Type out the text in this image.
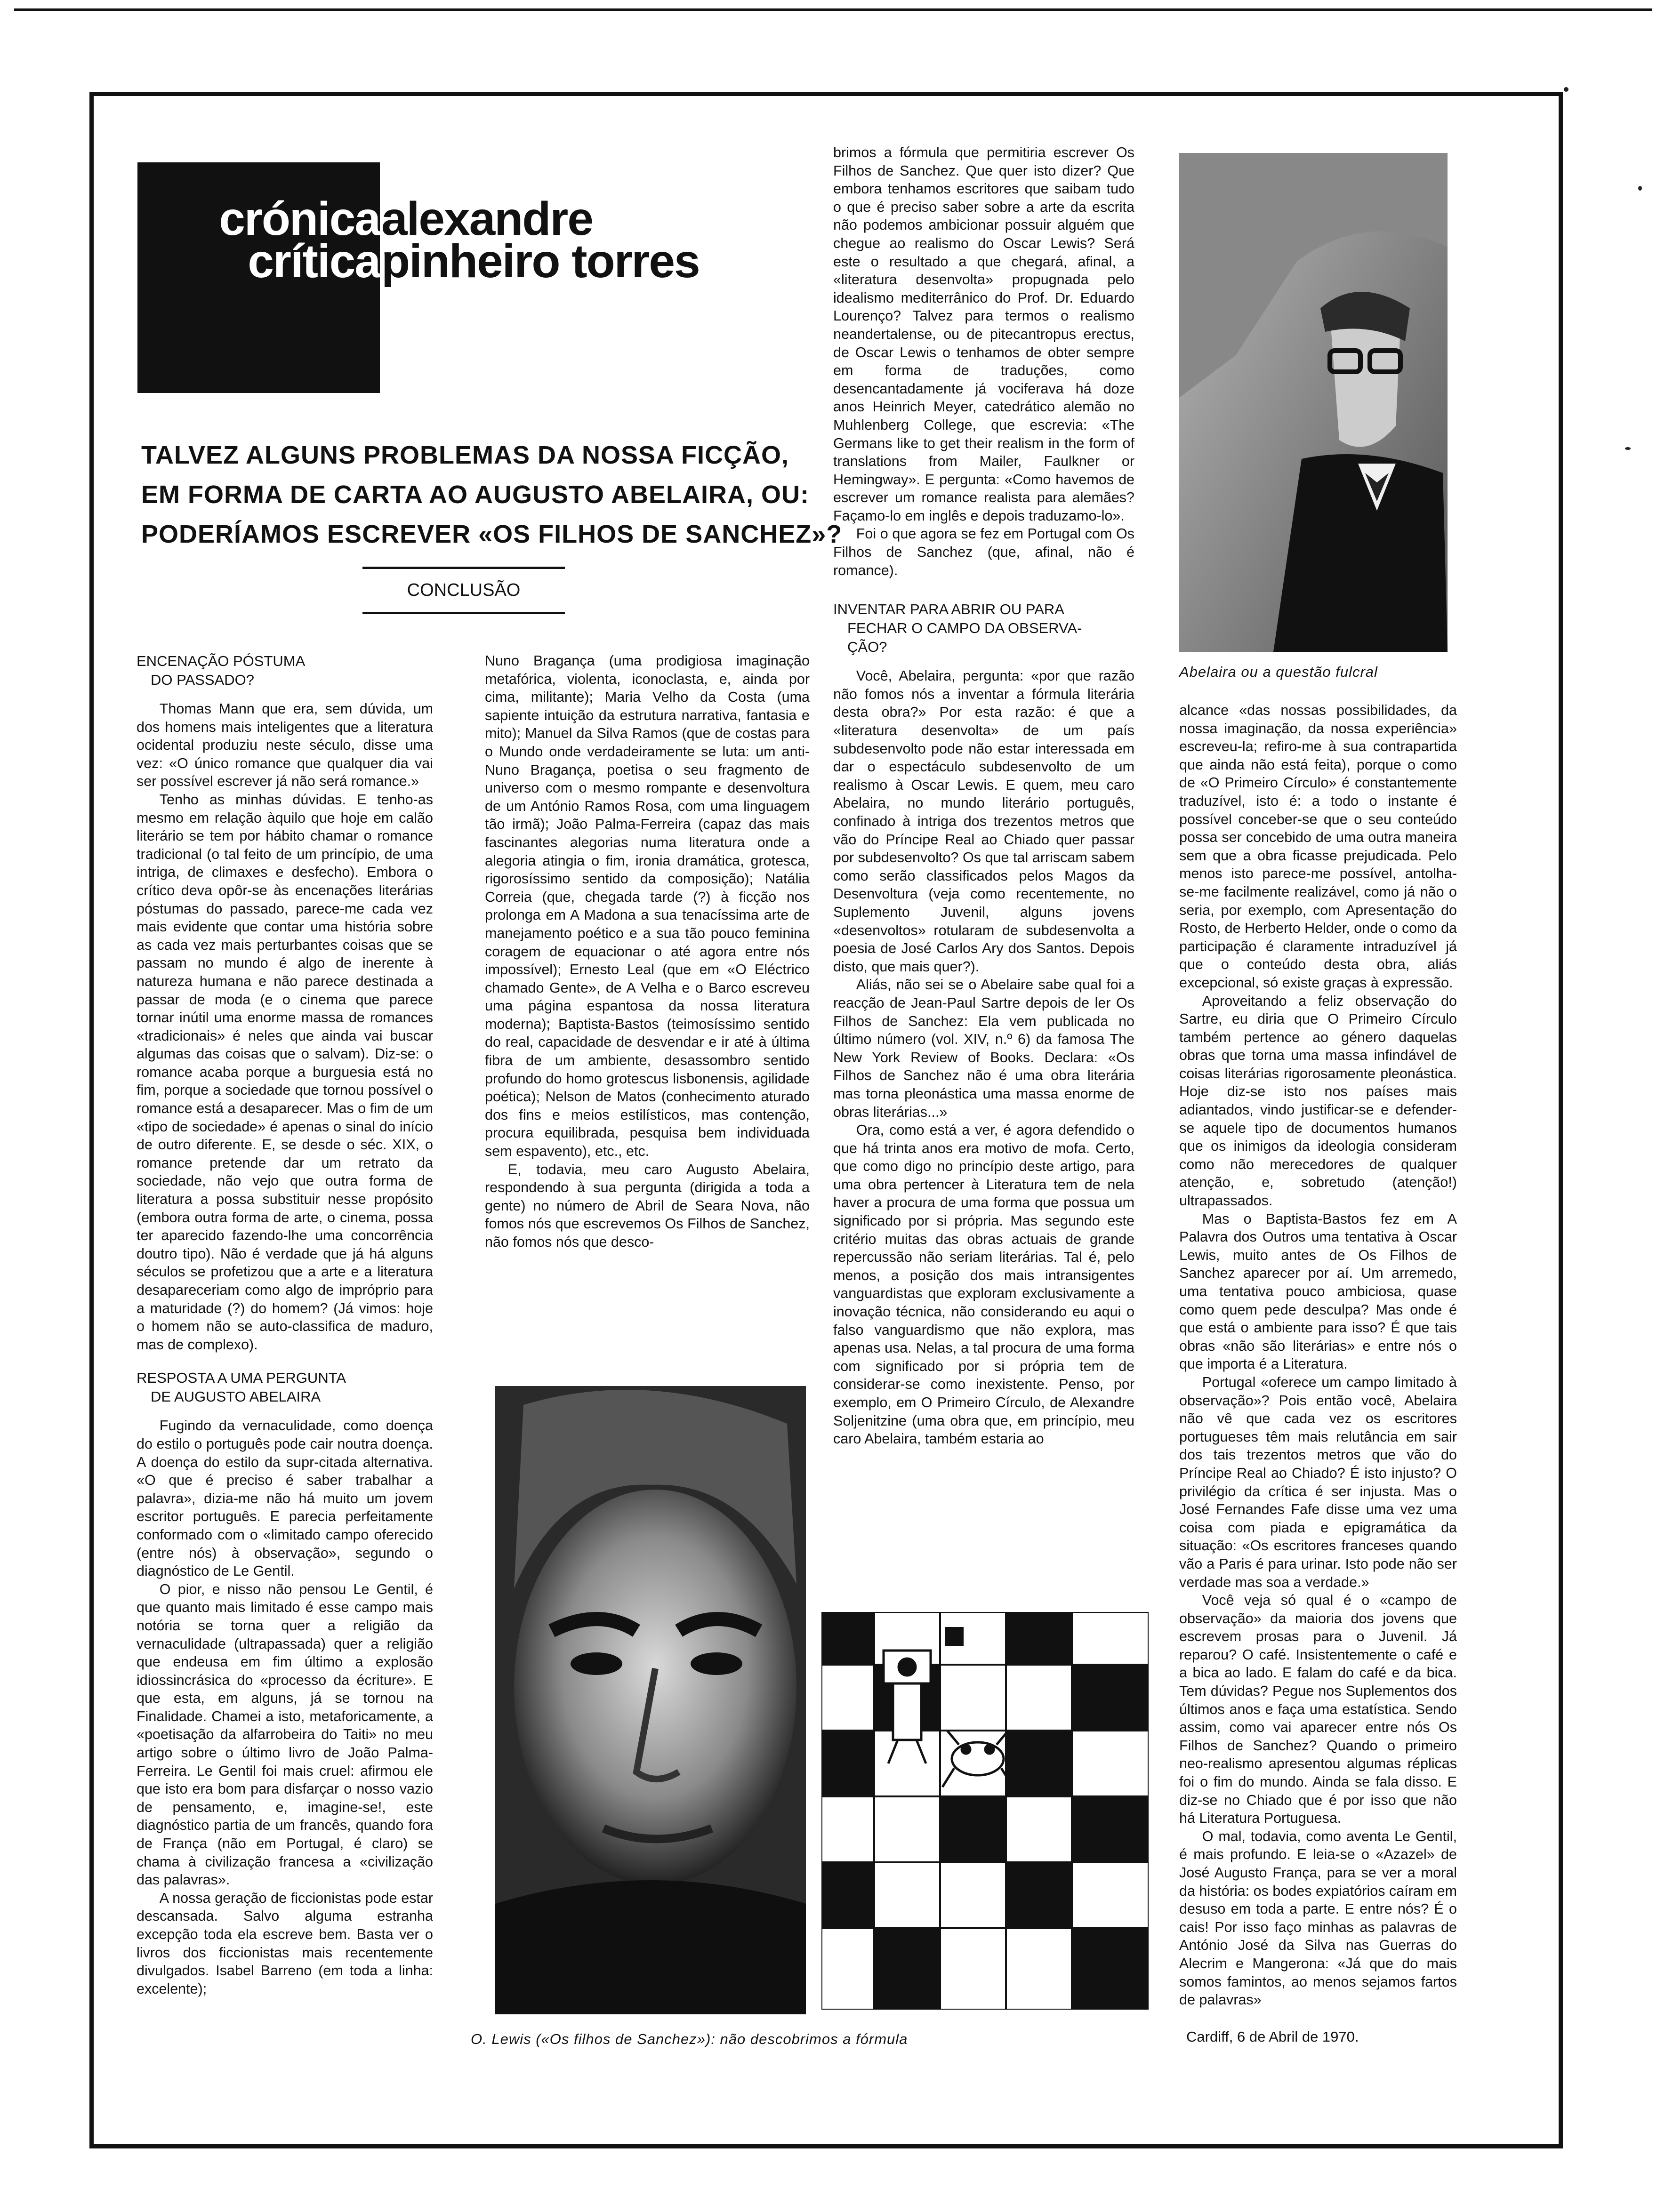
crónica
crítica
alexandre
pinheiro torres
TALVEZ ALGUNS PROBLEMAS DA NOSSA FICÇÃO,
EM FORMA DE CARTA AO AUGUSTO ABELAIRA, OU:
PODERÍAMOS ESCREVER «OS FILHOS DE SANCHEZ»?
CONCLUSÃO
ENCENAÇÃO PÓSTUMA
DO PASSADO?

Thomas Mann que era, sem dúvida, um dos homens mais inteligentes que a literatura ocidental produziu neste século, disse uma vez: «O único romance que qualquer dia vai ser possível escrever já não será romance.»

Tenho as minhas dúvidas. E tenho-as mesmo em relação àquilo que hoje em calão literário se tem por hábito chamar o romance tradicional (o tal feito de um princípio, de uma intriga, de climaxes e desfecho). Embora o crítico deva opôr-se às encenações literárias póstumas do passado, parece-me cada vez mais evidente que contar uma história sobre as cada vez mais perturbantes coisas que se passam no mundo é algo de inerente à natureza humana e não parece destinada a passar de moda (e o cinema que parece tornar inútil uma enorme massa de romances «tradicionais» é neles que ainda vai buscar algumas das coisas que o salvam). Diz-se: o romance acaba porque a burguesia está no fim, porque a sociedade que tornou possível o romance está a desaparecer. Mas o fim de um «tipo de sociedade» é apenas o sinal do início de outro diferente. E, se desde o séc. XIX, o romance pretende dar um retrato da sociedade, não vejo que outra forma de literatura a possa substituir nesse propósito (embora outra forma de arte, o cinema, possa ter aparecido fazendo-lhe uma concorrência doutro tipo). Não é verdade que já há alguns séculos se profetizou que a arte e a literatura desapareceriam como algo de impróprio para a maturidade (?) do homem? (Já vimos: hoje o homem não se auto-classifica de maduro, mas de complexo).

RESPOSTA A UMA PERGUNTA
DE AUGUSTO ABELAIRA

Fugindo da vernaculidade, como doença do estilo o português pode cair noutra doença. A doença do estilo da supr-citada alternativa. «O que é preciso é saber trabalhar a palavra», dizia-me não há muito um jovem escritor português. E parecia perfeitamente conformado com o «limitado campo oferecido (entre nós) à observação», segundo o diagnóstico de Le Gentil.

O pior, e nisso não pensou Le Gentil, é que quanto mais limitado é esse campo mais notória se torna quer a religião da vernaculidade (ultrapassada) quer a religião que endeusa em fim último a explosão idiossincrásica do «processo da écriture». E que esta, em alguns, já se tornou na Finalidade. Chamei a isto, metaforicamente, a «poetisação da alfarrobeira do Taiti» no meu artigo sobre o último livro de João Palma-Ferreira. Le Gentil foi mais cruel: afirmou ele que isto era bom para disfarçar o nosso vazio de pensamento, e, imagine-se!, este diagnóstico partia de um francês, quando fora de França (não em Portugal, é claro) se chama à civilização francesa a «civilização das palavras».

A nossa geração de ficcionistas pode estar descansada. Salvo alguma estranha excepção toda ela escreve bem. Basta ver o livros dos ficcionistas mais recentemente divulgados. Isabel Barreno (em toda a linha: excelente);

Nuno Bragança (uma prodigiosa imaginação metafórica, violenta, iconoclasta, e, ainda por cima, militante); Maria Velho da Costa (uma sapiente intuição da estrutura narrativa, fantasia e mito); Manuel da Silva Ramos (que de costas para o Mundo onde verdadeiramente se luta: um anti-Nuno Bragança, poetisa o seu fragmento de universo com o mesmo rompante e desenvoltura de um António Ramos Rosa, com uma linguagem tão irmã); João Palma-Ferreira (capaz das mais fascinantes alegorias numa literatura onde a alegoria atingia o fim, ironia dramática, grotesca, rigorosíssimo sentido da composição); Natália Correia (que, chegada tarde (?) à ficção nos prolonga em A Madona a sua tenacíssima arte de manejamento poético e a sua tão pouco feminina coragem de equacionar o até agora entre nós impossível); Ernesto Leal (que em «O Eléctrico chamado Gente», de A Velha e o Barco escreveu uma página espantosa da nossa literatura moderna); Baptista-Bastos (teimosíssimo sentido do real, capacidade de desvendar e ir até à última fibra de um ambiente, desassombro sentido profundo do homo grotescus lisbonensis, agilidade poética); Nelson de Matos (conhecimento aturado dos fins e meios estilísticos, mas contenção, procura equilibrada, pesquisa bem individuada sem espavento), etc., etc.

E, todavia, meu caro Augusto Abelaira, respondendo à sua pergunta (dirigida a toda a gente) no número de Abril de Seara Nova, não fomos nós que escrevemos Os Filhos de Sanchez, não fomos nós que desco-

O. Lewis («Os filhos de Sanchez»): não descobrimos a fórmula

brimos a fórmula que permitiria escrever Os Filhos de Sanchez. Que quer isto dizer? Que embora tenhamos escritores que saibam tudo o que é preciso saber sobre a arte da escrita não podemos ambicionar possuir alguém que chegue ao realismo do Oscar Lewis? Será este o resultado a que chegará, afinal, a «literatura desenvolta» propugnada pelo idealismo mediterrânico do Prof. Dr. Eduardo Lourenço? Talvez para termos o realismo neandertalense, ou de pitecantropus erectus, de Oscar Lewis o tenhamos de obter sempre em forma de traduções, como desencantadamente já vociferava há doze anos Heinrich Meyer, catedrático alemão no Muhlenberg College, que escrevia: «The Germans like to get their realism in the form of translations from Mailer, Faulkner or Hemingway». E pergunta: «Como havemos de escrever um romance realista para alemães? Façamo-lo em inglês e depois traduzamo-lo».

Foi o que agora se fez em Portugal com Os Filhos de Sanchez (que, afinal, não é romance).

INVENTAR PARA ABRIR OU PARA
FECHAR O CAMPO DA OBSERVA-
ÇÃO?

Você, Abelaira, pergunta: «por que razão não fomos nós a inventar a fórmula literária desta obra?» Por esta razão: é que a «literatura desenvolta» de um país subdesenvolto pode não estar interessada em dar o espectáculo subdesenvolto de um realismo à Oscar Lewis. E quem, meu caro Abelaira, no mundo literário português, confinado à intriga dos trezentos metros que vão do Príncipe Real ao Chiado quer passar por subdesenvolto? Os que tal arriscam sabem como serão classificados pelos Magos da Desenvoltura (veja como recentemente, no Suplemento Juvenil, alguns jovens «desenvoltos» rotularam de subdesenvolta a poesia de José Carlos Ary dos Santos. Depois disto, que mais quer?).

Aliás, não sei se o Abelaire sabe qual foi a reacção de Jean-Paul Sartre depois de ler Os Filhos de Sanchez: Ela vem publicada no último número (vol. XIV, n.º 6) da famosa The New York Review of Books. Declara: «Os Filhos de Sanchez não é uma obra literária mas torna pleonástica uma massa enorme de obras literárias...»

Ora, como está a ver, é agora defendido o que há trinta anos era motivo de mofa. Certo, que como digo no princípio deste artigo, para uma obra pertencer à Literatura tem de nela haver a procura de uma forma que possua um significado por si própria. Mas segundo este critério muitas das obras actuais de grande repercussão não seriam literárias. Tal é, pelo menos, a posição dos mais intransigentes vanguardistas que exploram exclusivamente a inovação técnica, não considerando eu aqui o falso vanguardismo que não explora, mas apenas usa. Nelas, a tal procura de uma forma com significado por si própria tem de considerar-se como inexistente. Penso, por exemplo, em O Primeiro Círculo, de Alexandre Soljenitzine (uma obra que, em princípio, meu caro Abelaira, também estaria ao

Abelaira ou a questão fulcral

alcance «das nossas possibilidades, da nossa imaginação, da nossa experiência» escreveu-la; refiro-me à sua contrapartida que ainda não está feita), porque o como de «O Primeiro Círculo» é constantemente traduzível, isto é: a todo o instante é possível conceber-se que o seu conteúdo possa ser concebido de uma outra maneira sem que a obra ficasse prejudicada. Pelo menos isto parece-me possível, antolha-se-me facilmente realizável, como já não o seria, por exemplo, com Apresentação do Rosto, de Herberto Helder, onde o como da participação é claramente intraduzível já que o conteúdo desta obra, aliás excepcional, só existe graças à expressão.

Aproveitando a feliz observação do Sartre, eu diria que O Primeiro Círculo também pertence ao género daquelas obras que torna uma massa infindável de coisas literárias rigorosamente pleonástica. Hoje diz-se isto nos países mais adiantados, vindo justificar-se e defender-se aquele tipo de documentos humanos que os inimigos da ideologia consideram como não merecedores de qualquer atenção, e, sobretudo (atenção!) ultrapassados.

Mas o Baptista-Bastos fez em A Palavra dos Outros uma tentativa à Oscar Lewis, muito antes de Os Filhos de Sanchez aparecer por aí. Um arremedo, uma tentativa pouco ambiciosa, quase como quem pede desculpa? Mas onde é que está o ambiente para isso? É que tais obras «não são literárias» e entre nós o que importa é a Literatura.

Portugal «oferece um campo limitado à observação»? Pois então você, Abelaira não vê que cada vez os escritores portugueses têm mais relutância em sair dos tais trezentos metros que vão do Príncipe Real ao Chiado? É isto injusto? O privilégio da crítica é ser injusta. Mas o José Fernandes Fafe disse uma vez uma coisa com piada e epigramática da situação: «Os escritores franceses quando vão a Paris é para urinar. Isto pode não ser verdade mas soa a verdade.»

Você veja só qual é o «campo de observação» da maioria dos jovens que escrevem prosas para o Juvenil. Já reparou? O café. Insistentemente o café e a bica ao lado. E falam do café e da bica. Tem dúvidas? Pegue nos Suplementos dos últimos anos e faça uma estatística. Sendo assim, como vai aparecer entre nós Os Filhos de Sanchez? Quando o primeiro neo-realismo apresentou algumas réplicas foi o fim do mundo. Ainda se fala disso. E diz-se no Chiado que é por isso que não há Literatura Portuguesa.

O mal, todavia, como aventa Le Gentil, é mais profundo. E leia-se o «Azazel» de José Augusto França, para se ver a moral da história: os bodes expiatórios caíram em desuso em toda a parte. E entre nós? É o cais! Por isso faço minhas as palavras de António José da Silva nas Guerras do Alecrim e Mangerona: «Já que do mais somos famintos, ao menos sejamos fartos de palavras»

Cardiff, 6 de Abril de 1970.
